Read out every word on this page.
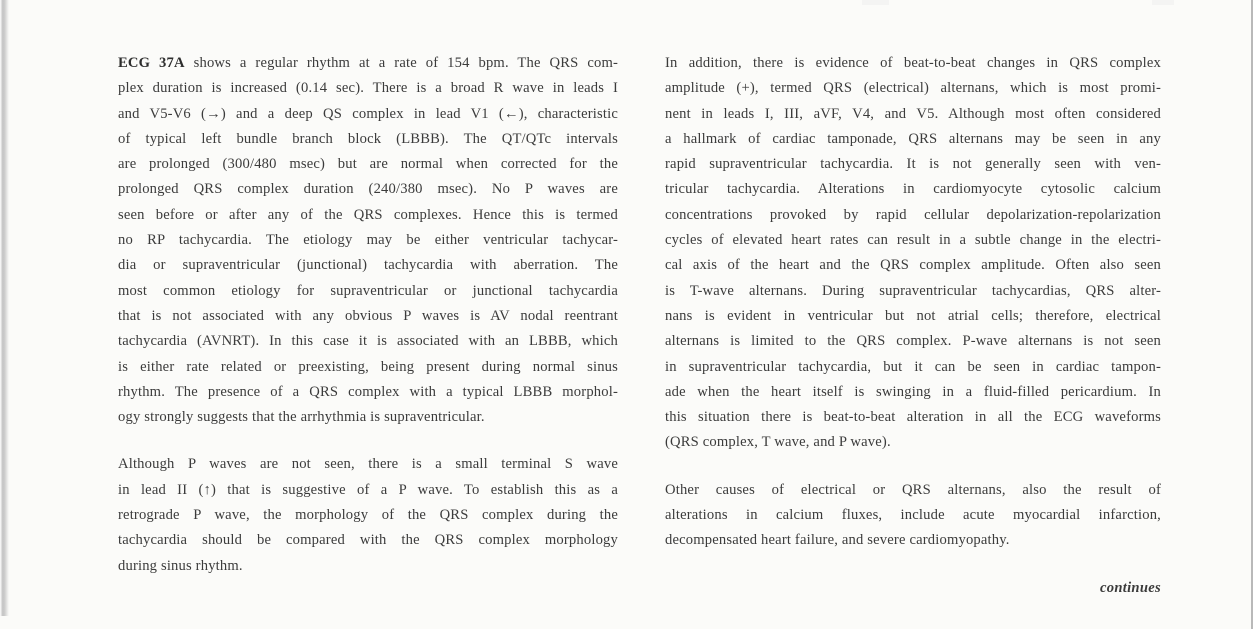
ECG 37A shows a regular rhythm at a rate of 154 bpm. The QRS com-
plex duration is increased (0.14 sec). There is a broad R wave in leads I
and V5-V6 (→) and a deep QS complex in lead V1 (←), characteristic
of typical left bundle branch block (LBBB). The QT/QTc intervals
are prolonged (300/480 msec) but are normal when corrected for the
prolonged QRS complex duration (240/380 msec). No P waves are
seen before or after any of the QRS complexes. Hence this is termed
no RP tachycardia. The etiology may be either ventricular tachycar-
dia or supraventricular (junctional) tachycardia with aberration. The
most common etiology for supraventricular or junctional tachycardia
that is not associated with any obvious P waves is AV nodal reentrant
tachycardia (AVNRT). In this case it is associated with an LBBB, which
is either rate related or preexisting, being present during normal sinus
rhythm. The presence of a QRS complex with a typical LBBB morphol-
ogy strongly suggests that the arrhythmia is supraventricular.
Although P waves are not seen, there is a small terminal S wave
in lead II (↑) that is suggestive of a P wave. To establish this as a
retrograde P wave, the morphology of the QRS complex during the
tachycardia should be compared with the QRS complex morphology
during sinus rhythm.
In addition, there is evidence of beat-to-beat changes in QRS complex
amplitude (+), termed QRS (electrical) alternans, which is most promi-
nent in leads I, III, aVF, V4, and V5. Although most often considered
a hallmark of cardiac tamponade, QRS alternans may be seen in any
rapid supraventricular tachycardia. It is not generally seen with ven-
tricular tachycardia. Alterations in cardiomyocyte cytosolic calcium
concentrations provoked by rapid cellular depolarization-repolarization
cycles of elevated heart rates can result in a subtle change in the electri-
cal axis of the heart and the QRS complex amplitude. Often also seen
is T-wave alternans. During supraventricular tachycardias, QRS alter-
nans is evident in ventricular but not atrial cells; therefore, electrical
alternans is limited to the QRS complex. P-wave alternans is not seen
in supraventricular tachycardia, but it can be seen in cardiac tampon-
ade when the heart itself is swinging in a fluid-filled pericardium. In
this situation there is beat-to-beat alteration in all the ECG waveforms
(QRS complex, T wave, and P wave).
Other causes of electrical or QRS alternans, also the result of
alterations in calcium fluxes, include acute myocardial infarction,
decompensated heart failure, and severe cardiomyopathy.
continues
